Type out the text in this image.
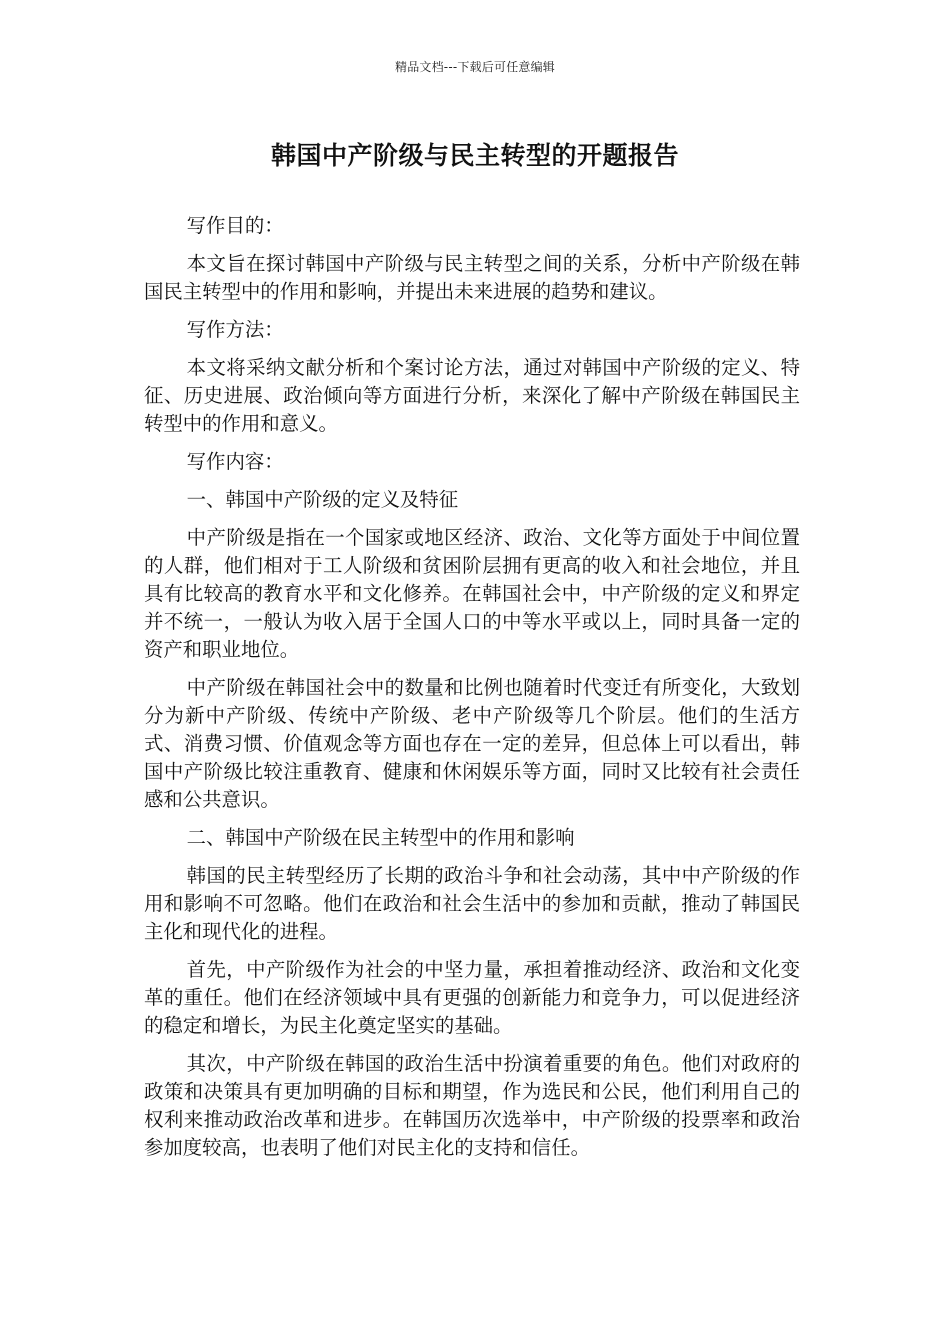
精品文档---下载后可任意编辑
韩国中产阶级与民主转型的开题报告

写作目的：

本文旨在探讨韩国中产阶级与民主转型之间的关系，分析中产阶级在韩国民主转型中的作用和影响，并提出未来进展的趋势和建议。

写作方法：

本文将采纳文献分析和个案讨论方法，通过对韩国中产阶级的定义、特征、历史进展、政治倾向等方面进行分析，来深化了解中产阶级在韩国民主转型中的作用和意义。

写作内容：

一、韩国中产阶级的定义及特征

中产阶级是指在一个国家或地区经济、政治、文化等方面处于中间位置的人群，他们相对于工人阶级和贫困阶层拥有更高的收入和社会地位，并且具有比较高的教育水平和文化修养。在韩国社会中，中产阶级的定义和界定并不统一，一般认为收入居于全国人口的中等水平或以上，同时具备一定的资产和职业地位。

中产阶级在韩国社会中的数量和比例也随着时代变迁有所变化，大致划分为新中产阶级、传统中产阶级、老中产阶级等几个阶层。他们的生活方式、消费习惯、价值观念等方面也存在一定的差异，但总体上可以看出，韩国中产阶级比较注重教育、健康和休闲娱乐等方面，同时又比较有社会责任感和公共意识。

二、韩国中产阶级在民主转型中的作用和影响

韩国的民主转型经历了长期的政治斗争和社会动荡，其中中产阶级的作用和影响不可忽略。他们在政治和社会生活中的参加和贡献，推动了韩国民主化和现代化的进程。

首先，中产阶级作为社会的中坚力量，承担着推动经济、政治和文化变革的重任。他们在经济领域中具有更强的创新能力和竞争力，可以促进经济的稳定和增长，为民主化奠定坚实的基础。

其次，中产阶级在韩国的政治生活中扮演着重要的角色。他们对政府的政策和决策具有更加明确的目标和期望，作为选民和公民，他们利用自己的权利来推动政治改革和进步。在韩国历次选举中，中产阶级的投票率和政治参加度较高，也表明了他们对民主化的支持和信任。
